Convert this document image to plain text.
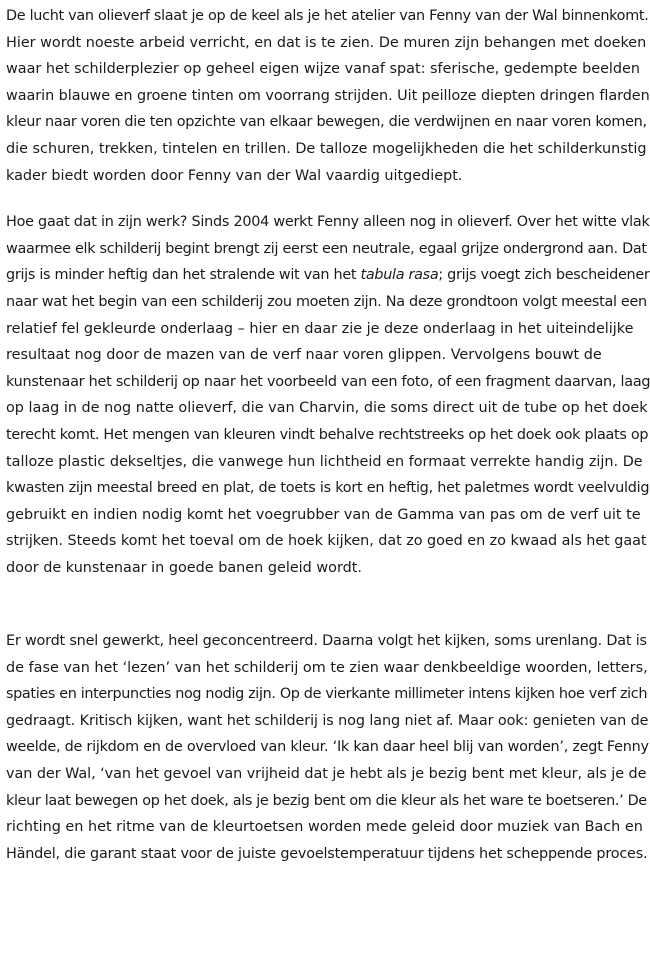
De lucht van olieverf slaat je op de keel als je het atelier van Fenny van der Wal binnenkomt.
Hier wordt noeste arbeid verricht, en dat is te zien. De muren zijn behangen met doeken
waar het schilderplezier op geheel eigen wijze vanaf spat: sferische, gedempte beelden
waarin blauwe en groene tinten om voorrang strijden. Uit peilloze diepten dringen flarden
kleur naar voren die ten opzichte van elkaar bewegen, die verdwijnen en naar voren komen,
die schuren, trekken, tintelen en trillen. De talloze mogelijkheden die het schilderkunstig
kader biedt worden door Fenny van der Wal vaardig uitgediept.
Hoe gaat dat in zijn werk? Sinds 2004 werkt Fenny alleen nog in olieverf. Over het witte vlak
waarmee elk schilderij begint brengt zij eerst een neutrale, egaal grijze ondergrond aan. Dat
grijs is minder heftig dan het stralende wit van het tabula rasa; grijs voegt zich bescheidener
naar wat het begin van een schilderij zou moeten zijn. Na deze grondtoon volgt meestal een
relatief fel gekleurde onderlaag – hier en daar zie je deze onderlaag in het uiteindelijke
resultaat nog door de mazen van de verf naar voren glippen. Vervolgens bouwt de
kunstenaar het schilderij op naar het voorbeeld van een foto, of een fragment daarvan, laag
op laag in de nog natte olieverf, die van Charvin, die soms direct uit de tube op het doek
terecht komt. Het mengen van kleuren vindt behalve rechtstreeks op het doek ook plaats op
talloze plastic dekseltjes, die vanwege hun lichtheid en formaat verrekte handig zijn. De
kwasten zijn meestal breed en plat, de toets is kort en heftig, het paletmes wordt veelvuldig
gebruikt en indien nodig komt het voegrubber van de Gamma van pas om de verf uit te
strijken. Steeds komt het toeval om de hoek kijken, dat zo goed en zo kwaad als het gaat
door de kunstenaar in goede banen geleid wordt.
Er wordt snel gewerkt, heel geconcentreerd. Daarna volgt het kijken, soms urenlang. Dat is
de fase van het ‘lezen’ van het schilderij om te zien waar denkbeeldige woorden, letters,
spaties en interpuncties nog nodig zijn. Op de vierkante millimeter intens kijken hoe verf zich
gedraagt. Kritisch kijken, want het schilderij is nog lang niet af. Maar ook: genieten van de
weelde, de rijkdom en de overvloed van kleur. ‘Ik kan daar heel blij van worden’, zegt Fenny
van der Wal, ‘van het gevoel van vrijheid dat je hebt als je bezig bent met kleur, als je de
kleur laat bewegen op het doek, als je bezig bent om die kleur als het ware te boetseren.’ De
richting en het ritme van de kleurtoetsen worden mede geleid door muziek van Bach en
Händel, die garant staat voor de juiste gevoelstemperatuur tijdens het scheppende proces.
